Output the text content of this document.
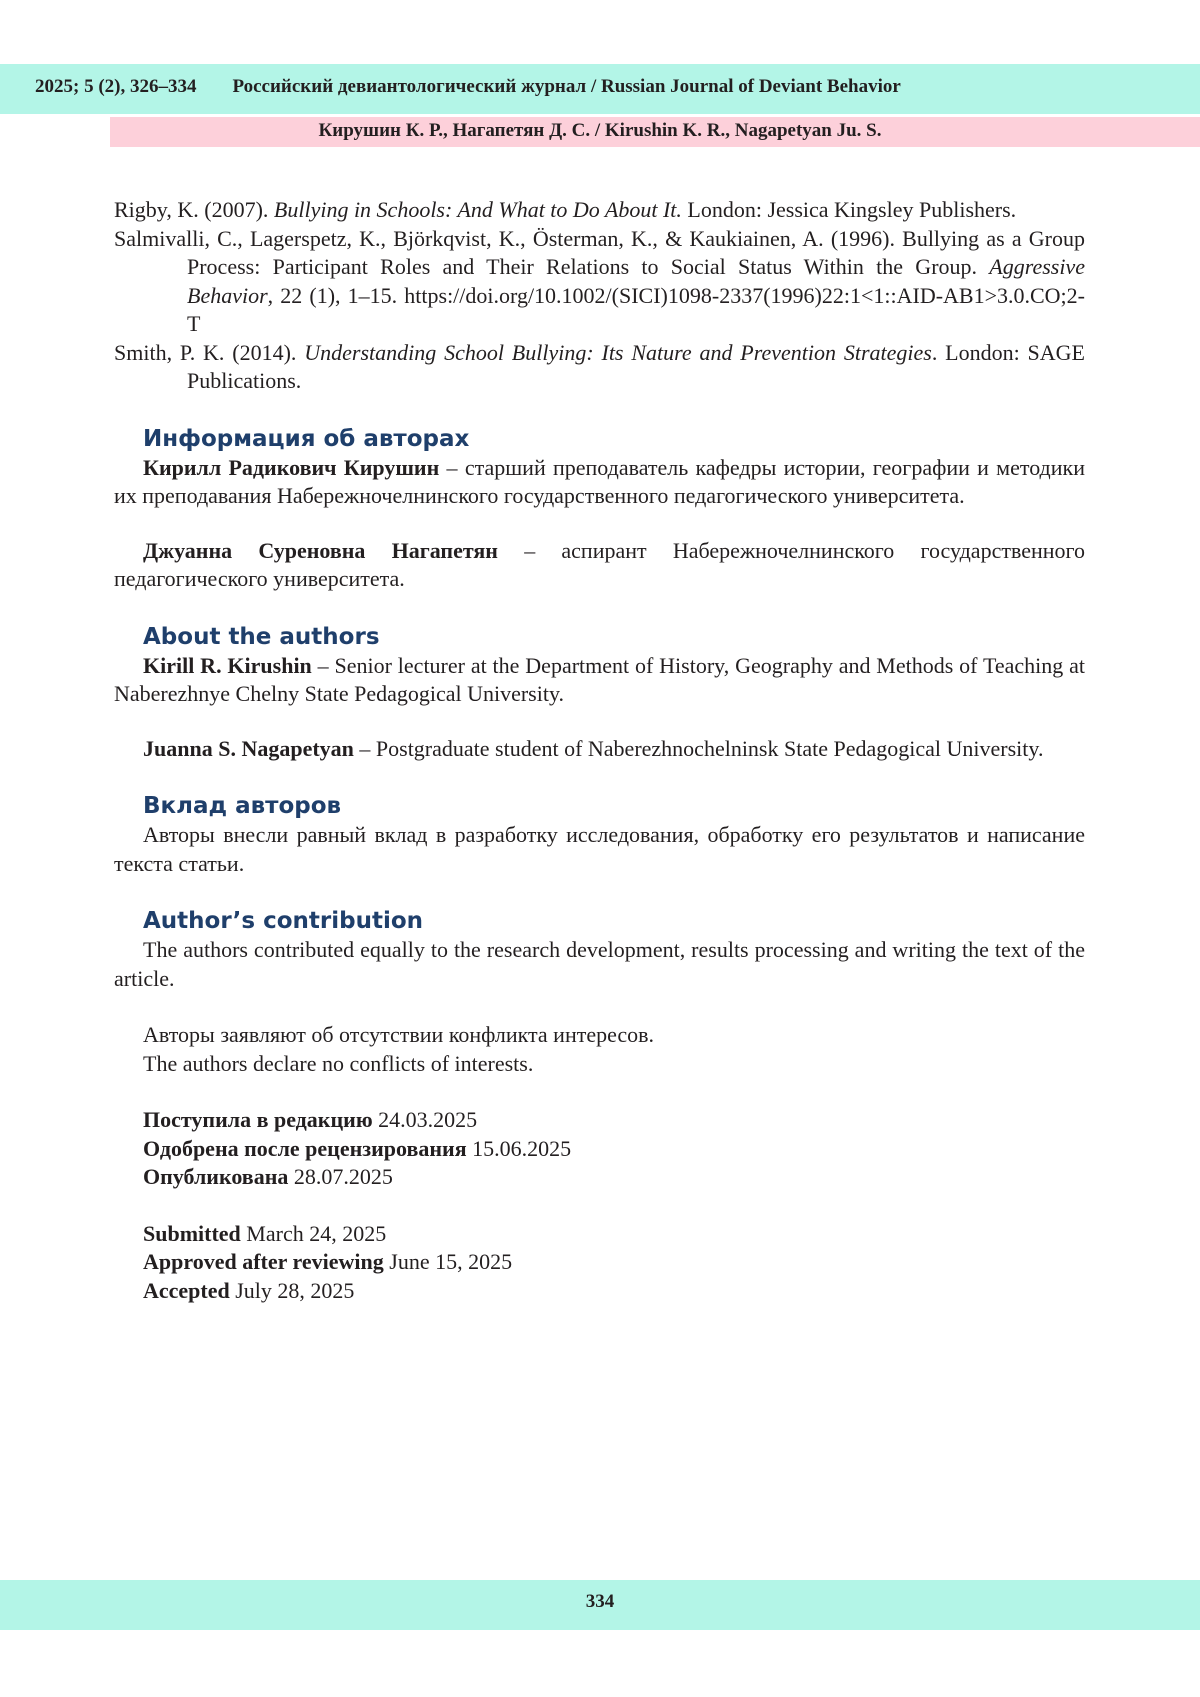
2025; 5 (2), 326–334 Российский девиантологический журнал / Russian Journal of Deviant Behavior
Кирушин К. Р., Нагапетян Д. С. / Kirushin K. R., Nagapetyan Ju. S.

Rigby, K. (2007). Bullying in Schools: And What to Do About It. London: Jessica Kingsley Publishers.

Salmivalli, C., Lagerspetz, K., Björkqvist, K., Österman, K., & Kaukiainen, A. (1996). Bullying as a Group Process: Participant Roles and Their Relations to Social Status Within the Group. Aggressive Behavior, 22 (1), 1–15. https://doi.org/10.1002/(SICI)1098-2337(1996)22:1<1::AID-AB1>3.0.CO;2-T

Smith, P. K. (2014). Understanding School Bullying: Its Nature and Prevention Strategies. London: SAGE Publications.

Информация об авторах

Кирилл Радикович Кирушин – старший преподаватель кафедры истории, географии и методики их преподавания Набережночелнинского государственного педагогического университета.

Джуанна Суреновна Нагапетян – аспирант Набережночелнинского государственного педагогического университета.

About the authors

Kirill R. Kirushin – Senior lecturer at the Department of History, Geography and Methods of Teaching at Naberezhnye Chelny State Pedagogical University.

Juanna S. Nagapetyan – Postgraduate student of Naberezhnochelninsk State Pedagogical University.

Вклад авторов

Авторы внесли равный вклад в разработку исследования, обработку его результатов и написание текста статьи.

Author’s contribution

The authors contributed equally to the research development, results processing and writing the text of the article.

Авторы заявляют об отсутствии конфликта интересов.

The authors declare no conflicts of interests.

Поступила в редакцию 24.03.2025

Одобрена после рецензирования 15.06.2025

Опубликована 28.07.2025

Submitted March 24, 2025

Approved after reviewing June 15, 2025

Accepted July 28, 2025

334
